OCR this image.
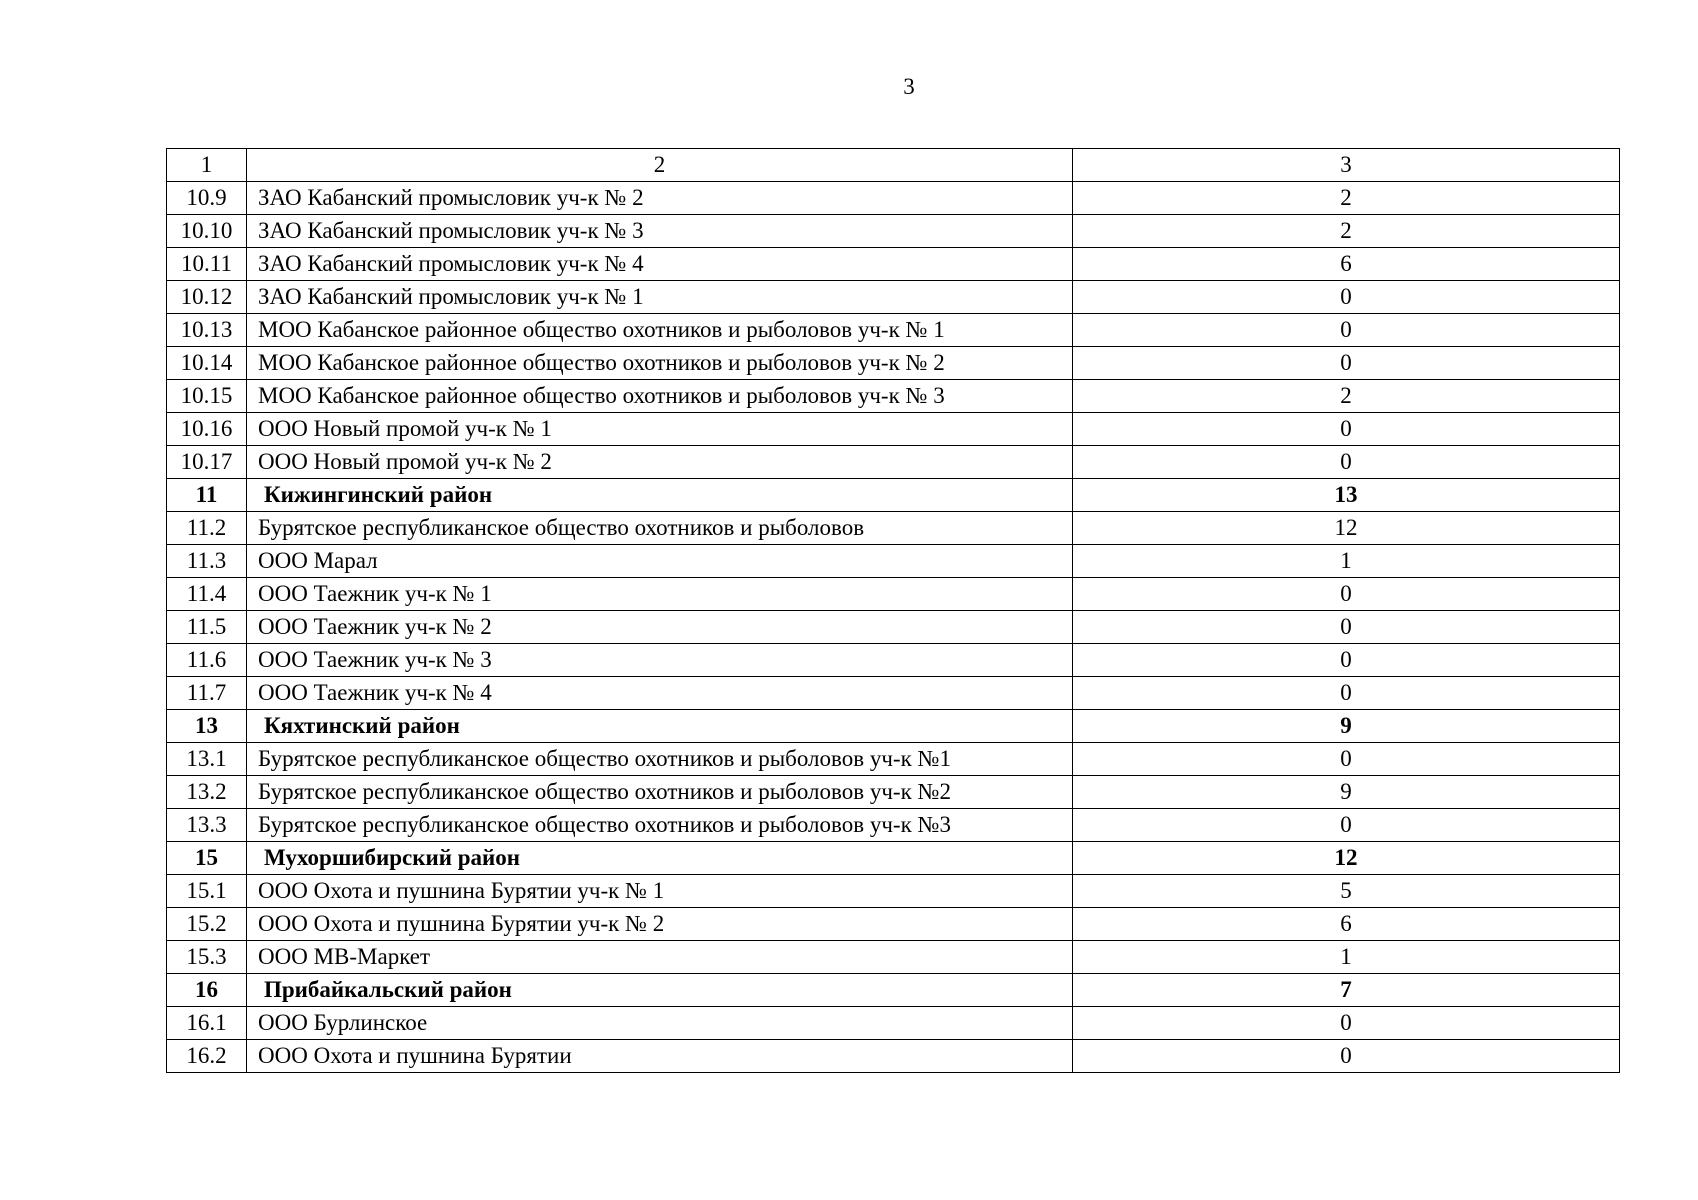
3
1	2	3
10.9	ЗАО Кабанский промысловик уч-к № 2	2
10.10	ЗАО Кабанский промысловик уч-к № 3	2
10.11	ЗАО Кабанский промысловик уч-к № 4	6
10.12	ЗАО Кабанский промысловик уч-к № 1	0
10.13	МОО Кабанское районное общество охотников и рыболовов уч-к № 1	0
10.14	МОО Кабанское районное общество охотников и рыболовов уч-к № 2	0
10.15	МОО Кабанское районное общество охотников и рыболовов уч-к № 3	2
10.16	ООО Новый промой уч-к № 1	0
10.17	ООО Новый промой уч-к № 2	0
11	Кижингинский район	13
11.2	Бурятское республиканское общество охотников и рыболовов	12
11.3	ООО Марал	1
11.4	ООО Таежник уч-к № 1	0
11.5	ООО Таежник уч-к № 2	0
11.6	ООО Таежник уч-к № 3	0
11.7	ООО Таежник уч-к № 4	0
13	Кяхтинский район	9
13.1	Бурятское республиканское общество охотников и рыболовов уч-к №1	0
13.2	Бурятское республиканское общество охотников и рыболовов уч-к №2	9
13.3	Бурятское республиканское общество охотников и рыболовов уч-к №3	0
15	Мухоршибирский район	12
15.1	ООО Охота и пушнина Бурятии уч-к № 1	5
15.2	ООО Охота и пушнина Бурятии уч-к № 2	6
15.3	ООО МВ-Маркет	1
16	Прибайкальский район	7
16.1	ООО Бурлинское	0
16.2	ООО Охота и пушнина Бурятии	0
